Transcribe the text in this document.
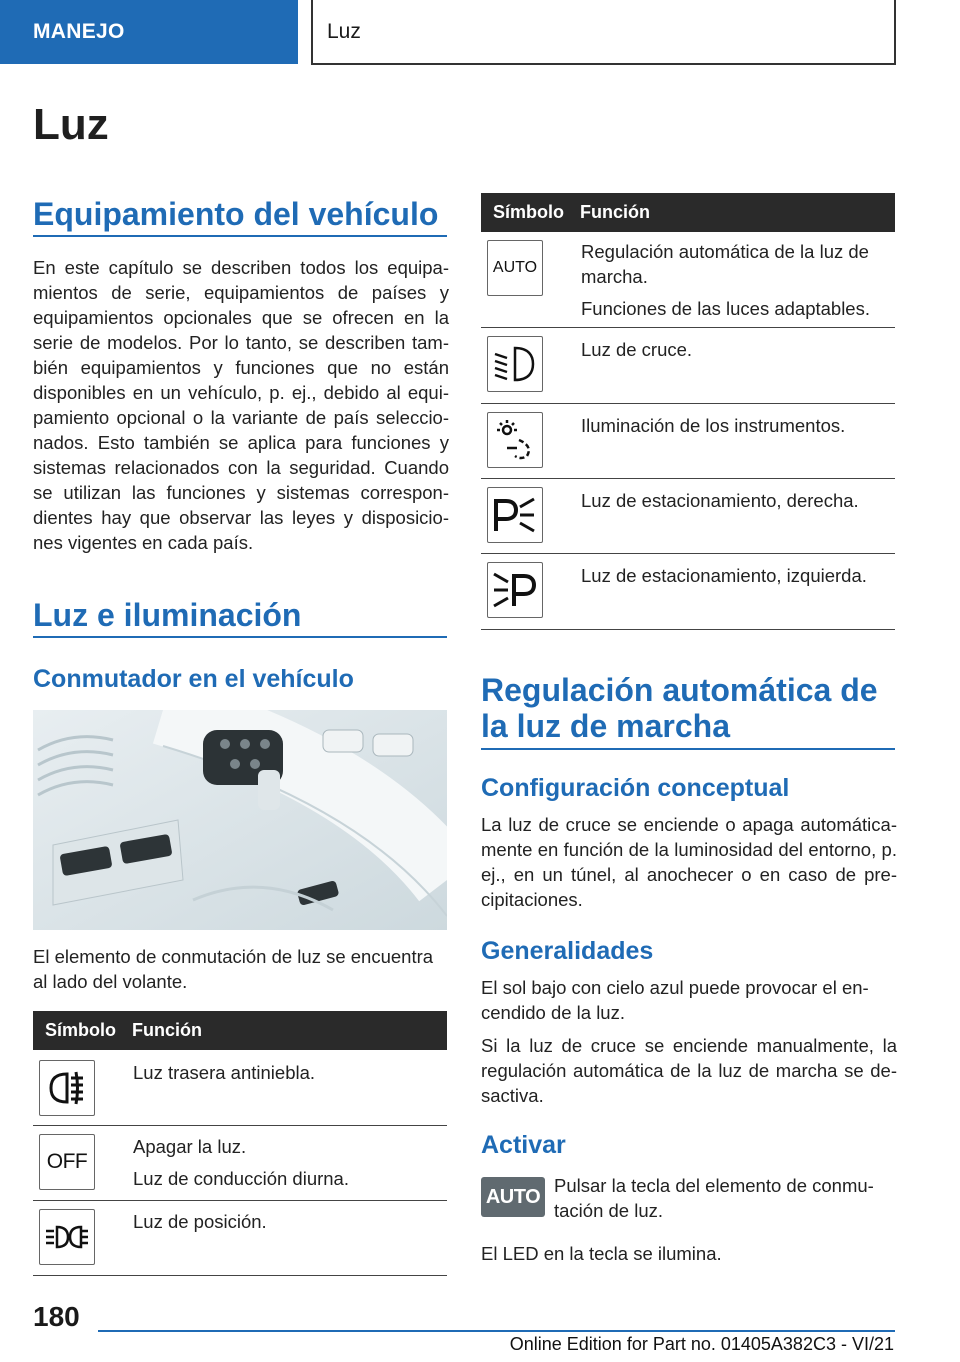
MANEJO	Luz
Luz
Equipamiento del vehículo
En este capítulo se describen todos los equipa-mientos de serie, equipamientos de países y equipamientos opcionales que se ofrecen en la serie de modelos. Por lo tanto, se describen tam-bién equipamientos y funciones que no están disponibles en un vehículo, p. ej., debido al equi-pamiento opcional o la variante de país seleccio-nados. Esto también se aplica para funciones y sistemas relacionados con la seguridad. Cuando se utilizan las funciones y sistemas correspon-dientes hay que observar las leyes y disposicio-nes vigentes en cada país.
Luz e iluminación
Conmutador en el vehículo
El elemento de conmutación de luz se encuentra al lado del volante.
Símbolo Función

Luz trasera antiniebla.

OFF

Apagar la luz.

Luz de conducción diurna.

Luz de posición.

Símbolo Función
AUTO

Regulación automática de la luz de marcha.

Funciones de las luces adaptables.

Luz de cruce.

Iluminación de los instrumentos.

Luz de estacionamiento, derecha.

Luz de estacionamiento, izquierda.

Regulación automática de
la luz de marcha
Configuración conceptual
La luz de cruce se enciende o apaga automática-mente en función de la luminosidad del entorno, p. ej., en un túnel, al anochecer o en caso de pre-cipitaciones.
Generalidades
El sol bajo con cielo azul puede provocar el en-cendido de la luz.
Si la luz de cruce se enciende manualmente, la regulación automática de la luz de marcha se de-sactiva.
Activar
AUTO Pulsar la tecla del elemento de conmu-tación de luz.
El LED en la tecla se ilumina.
180
Online Edition for Part no. 01405A382C3 - VI/21
